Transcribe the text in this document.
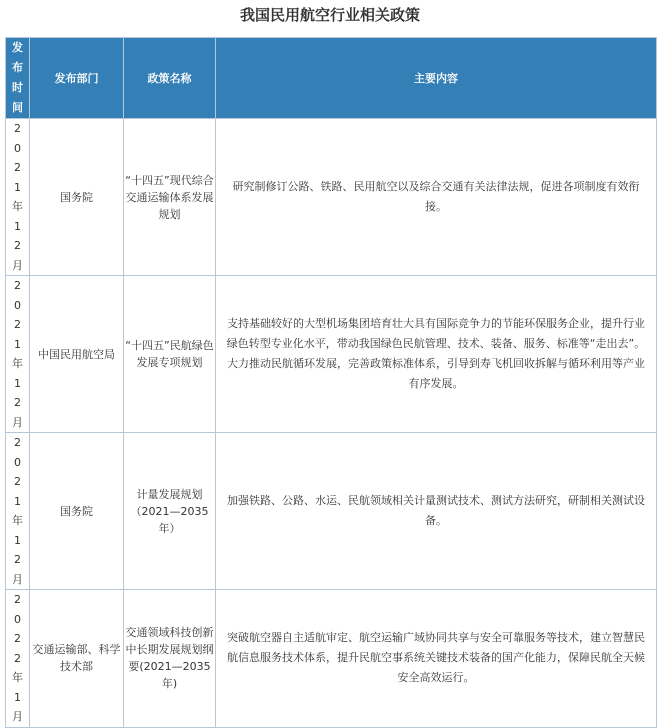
我国民用航空行业相关政策
发布时间	发布部门	政策名称	主要内容
2021年12月	国务院	“十四五”现代综合交通运输体系发展规划	研究制修订公路、铁路、民用航空以及综合交通有关法律法规，促进各项制度有效衔接。
2021年12月	中国民用航空局	“十四五”民航绿色发展专项规划	支持基础较好的大型机场集团培育壮大具有国际竞争力的节能环保服务企业，提升行业绿色转型专业化水平，带动我国绿色民航管理、技术、装备、服务、标准等“走出去”。大力推动民航循环发展，完善政策标准体系，引导到寿飞机回收拆解与循环利用等产业有序发展。
2021年12月	国务院	计量发展规划（2021—2035年）	加强铁路、公路、水运、民航领域相关计量测试技术、测试方法研究，研制相关测试设备。
2022年1月	交通运输部、科学技术部	交通领域科技创新中长期发展规划纲要(2021—2035年)	突破航空器自主适航审定、航空运输广域协同共享与安全可靠服务等技术，建立智慧民航信息服务技术体系，提升民航空事系统关键技术装备的国产化能力，保障民航全天候安全高效运行。
